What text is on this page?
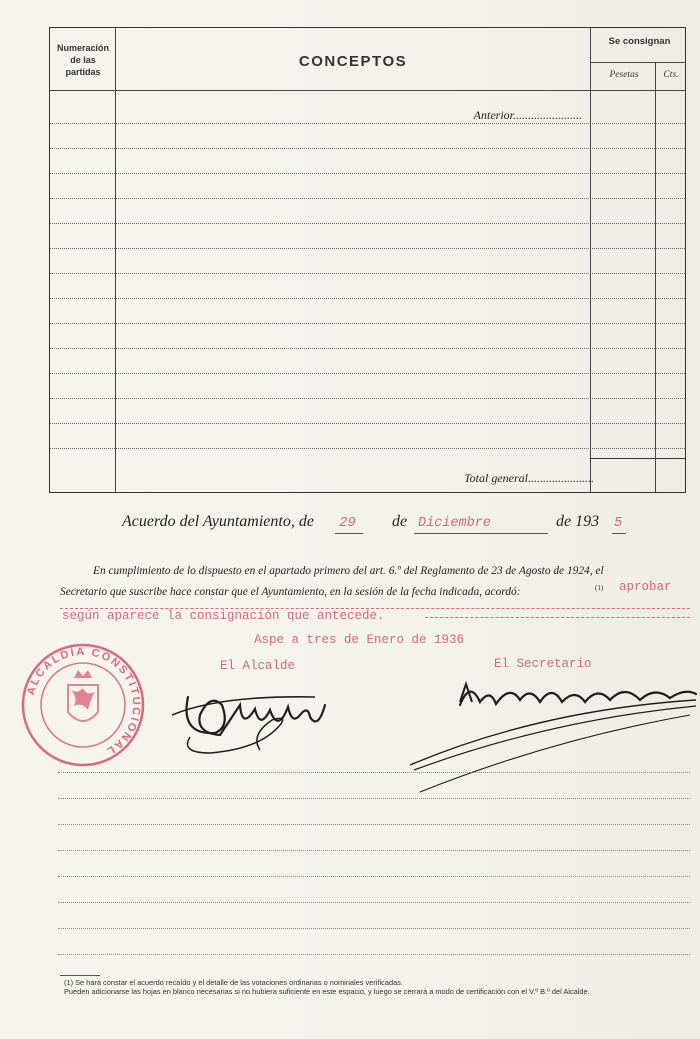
Numeración
de las
partidas
CONCEPTOS
Se consignan
Pesetas	Cts.
Anterior.......................
Total general......................
Acuerdo del Ayuntamiento, de 29 de Diciembre	de 193 5
En cumplimiento de lo dispuesto en el apartado primero del art. 6.º del Reglamento de 23 de Agosto de 1924, el
Secretario que suscribe hace constar que el Ayuntamiento, en la sesión de la fecha indicada, acordó:	(1) aprobar
según aparece la consignación que antecede.
Aspe a tres de Enero de 1936
El Alcalde	El Secretario
ALCALDÍA CONSTITUCIONAL
(1) Se hará constar el acuerdo recaído y el detalle de las votaciones ordinarias o nominales verificadas.
Pueden adicionarse las hojas en blanco necesarias si no hubiera suficiente en este espacio, y luego se cerrará a modo de certificación con el V.º B.º del Alcalde.
